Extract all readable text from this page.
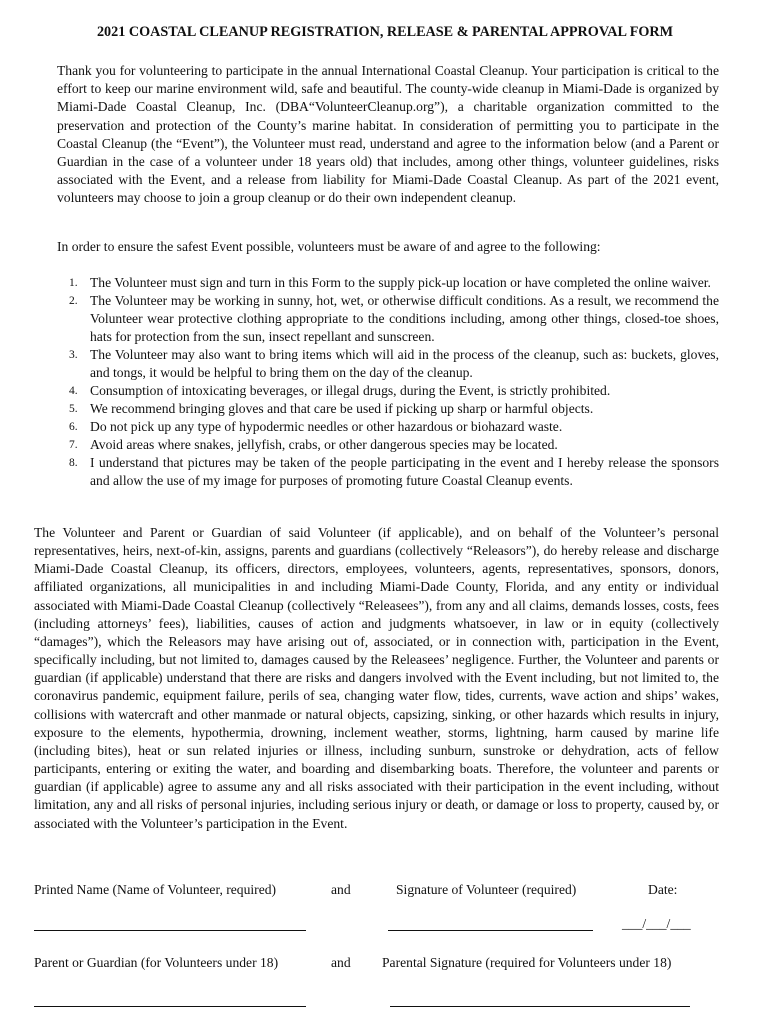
2021 COASTAL CLEANUP REGISTRATION, RELEASE & PARENTAL APPROVAL FORM

Thank you for volunteering to participate in the annual International Coastal Cleanup. Your participation is critical to the effort to keep our marine environment wild, safe and beautiful. The county-wide cleanup in Miami-Dade is organized by Miami-Dade Coastal Cleanup, Inc. (DBA“VolunteerCleanup.org”), a charitable organization committed to the preservation and protection of the County’s marine habitat. In consideration of permitting you to participate in the Coastal Cleanup (the “Event”), the Volunteer must read, understand and agree to the information below (and a Parent or Guardian in the case of a volunteer under 18 years old) that includes, among other things, volunteer guidelines, risks associated with the Event, and a release from liability for Miami-Dade Coastal Cleanup. As part of the 2021 event, volunteers may choose to join a group cleanup or do their own independent cleanup.

In order to ensure the safest Event possible, volunteers must be aware of and agree to the following:

1. The Volunteer must sign and turn in this Form to the supply pick-up location or have completed the online waiver.
2. The Volunteer may be working in sunny, hot, wet, or otherwise difficult conditions. As a result, we recommend the Volunteer wear protective clothing appropriate to the conditions including, among other things, closed-toe shoes, hats for protection from the sun, insect repellant and sunscreen.
3. The Volunteer may also want to bring items which will aid in the process of the cleanup, such as: buckets, gloves, and tongs, it would be helpful to bring them on the day of the cleanup.
4. Consumption of intoxicating beverages, or illegal drugs, during the Event, is strictly prohibited.
5. We recommend bringing gloves and that care be used if picking up sharp or harmful objects.
6. Do not pick up any type of hypodermic needles or other hazardous or biohazard waste.
7. Avoid areas where snakes, jellyfish, crabs, or other dangerous species may be located.
8. I understand that pictures may be taken of the people participating in the event and I hereby release the sponsors and allow the use of my image for purposes of promoting future Coastal Cleanup events.

The Volunteer and Parent or Guardian of said Volunteer (if applicable), and on behalf of the Volunteer’s personal representatives, heirs, next-of-kin, assigns, parents and guardians (collectively “Releasors”), do hereby release and discharge Miami-Dade Coastal Cleanup, its officers, directors, employees, volunteers, agents, representatives, sponsors, donors, affiliated organizations, all municipalities in and including Miami-Dade County, Florida, and any entity or individual associated with Miami-Dade Coastal Cleanup (collectively “Releasees”), from any and all claims, demands losses, costs, fees (including attorneys’ fees), liabilities, causes of action and judgments whatsoever, in law or in equity (collectively “damages”), which the Releasors may have arising out of, associated, or in connection with, participation in the Event, specifically including, but not limited to, damages caused by the Releasees’ negligence. Further, the Volunteer and parents or guardian (if applicable) understand that there are risks and dangers involved with the Event including, but not limited to, the coronavirus pandemic, equipment failure, perils of sea, changing water flow, tides, currents, wave action and ships’ wakes, collisions with watercraft and other manmade or natural objects, capsizing, sinking, or other hazards which results in injury, exposure to the elements, hypothermia, drowning, inclement weather, storms, lightning, harm caused by marine life (including bites), heat or sun related injuries or illness, including sunburn, sunstroke or dehydration, acts of fellow participants, entering or exiting the water, and boarding and disembarking boats. Therefore, the volunteer and parents or guardian (if applicable) agree to assume any and all risks associated with their participation in the event including, without limitation, any and all risks of personal injuries, including serious injury or death, or damage or loss to property, caused by, or associated with the Volunteer’s participation in the Event.

Printed Name (Name of Volunteer, required)	and	Signature of Volunteer (required)	Date:
___/___/___
Parent or Guardian (for Volunteers under 18)	and Parental Signature (required for Volunteers under 18)
